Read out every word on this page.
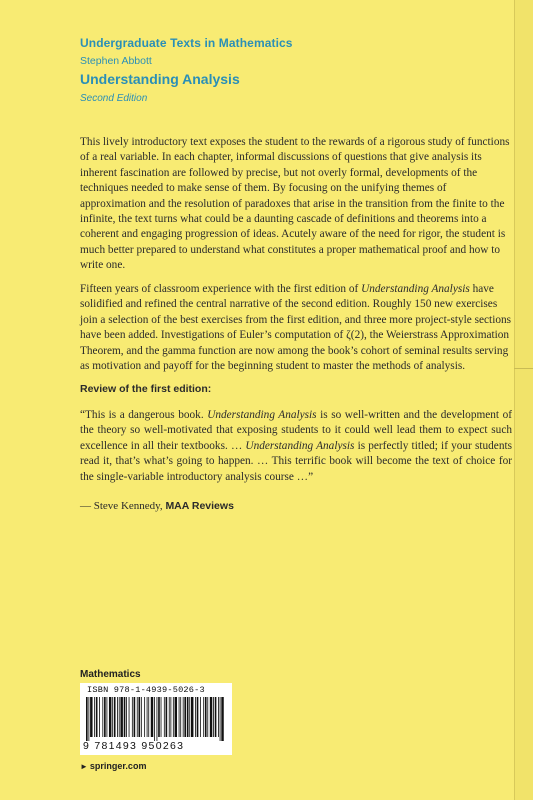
Undergraduate Texts in Mathematics
Stephen Abbott
Understanding Analysis
Second Edition

This lively introductory text exposes the student to the rewards of a rigorous study of functions of a real variable. In each chapter, informal discussions of questions that give analysis its inherent fascination are followed by precise, but not overly formal, developments of the techniques needed to make sense of them. By focusing on the unifying themes of approximation and the resolution of paradoxes that arise in the transition from the finite to the infinite, the text turns what could be a daunting cascade of definitions and theorems into a coherent and engaging progression of ideas. Acutely aware of the need for rigor, the student is much better prepared to understand what constitutes a proper mathematical proof and how to write one.

Fifteen years of classroom experience with the first edition of Understanding Analysis have solidified and refined the central narrative of the second edition. Roughly 150 new exercises join a selection of the best exercises from the first edition, and three more project-style sections have been added. Investigations of Euler’s computation of ζ(2), the Weierstrass Approximation Theorem, and the gamma function are now among the book’s cohort of seminal results serving as motivation and payoff for the beginning student to master the methods of analysis.

Review of the first edition:

“This is a dangerous book. Understanding Analysis is so well-written and the development of the theory so well-motivated that exposing students to it could well lead them to expect such excellence in all their textbooks. … Understanding Analysis is perfectly titled; if your students read it, that’s what’s going to happen. … This terrific book will become the text of choice for the single-variable introductory analysis course …”

— Steve Kennedy, MAA Reviews
Mathematics
ISBN 978-1-4939-5026-3
9 781493 950263
► springer.com
